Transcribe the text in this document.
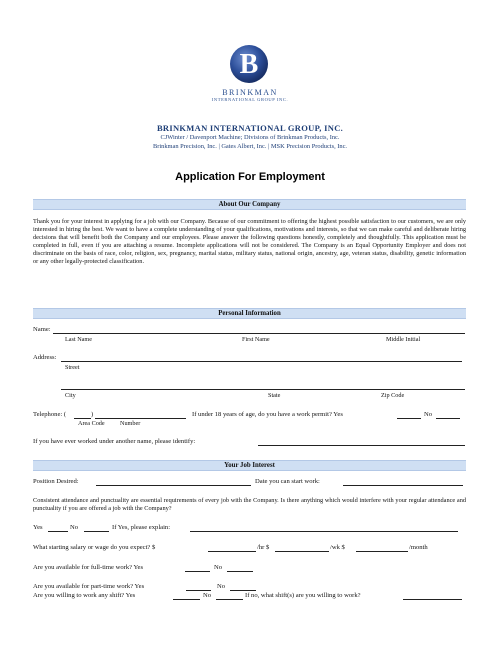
B
BRINKMAN
INTERNATIONAL GROUP INC.
BRINKMAN INTERNATIONAL GROUP, INC.
CJWinter / Davenport Machine; Divisions of Brinkman Products, Inc.
Brinkman Precision, Inc. | Gates Albert, Inc. | MSK Precision Products, Inc.
Application For Employment
About Our Company
Thank you for your interest in applying for a job with our Company. Because of our commitment to offering the highest possible satisfaction to our customers, we are only interested in hiring the best. We want to have a complete understanding of your qualifications, motivations and interests, so that we can make careful and deliberate hiring decisions that will benefit both the Company and our employees. Please answer the following questions honestly, completely and thoughtfully. This application must be completed in full, even if you are attaching a resume. Incomplete applications will not be considered. The Company is an Equal Opportunity Employer and does not discriminate on the basis of race, color, religion, sex, pregnancy, marital status, military status, national origin, ancestry, age, veteran status, disability, genetic information or any other legally-protected classification.
Personal Information
Name:
Last Name	First Name	Middle Initial
Address:
Street
City	State	Zip Code
Telephone: (	)	If under 18 years of age, do you have a work permit? Yes	No
Area Code Number
If you have ever worked under another name, please identify:
Your Job Interest
Position Desired:	Date you can start work:
Consistent attendance and punctuality are essential requirements of every job with the Company. Is there anything which would interfere with your regular attendance and punctuality if you are offered a job with the Company?
Yes	No	If Yes, please explain:
What starting salary or wage do you expect? $	/hr $	/wk $	/month
Are you available for full-time work? Yes	No
Are you available for part-time work? Yes	No
Are you willing to work any shift? Yes	No	If no, what shift(s) are you willing to work?
